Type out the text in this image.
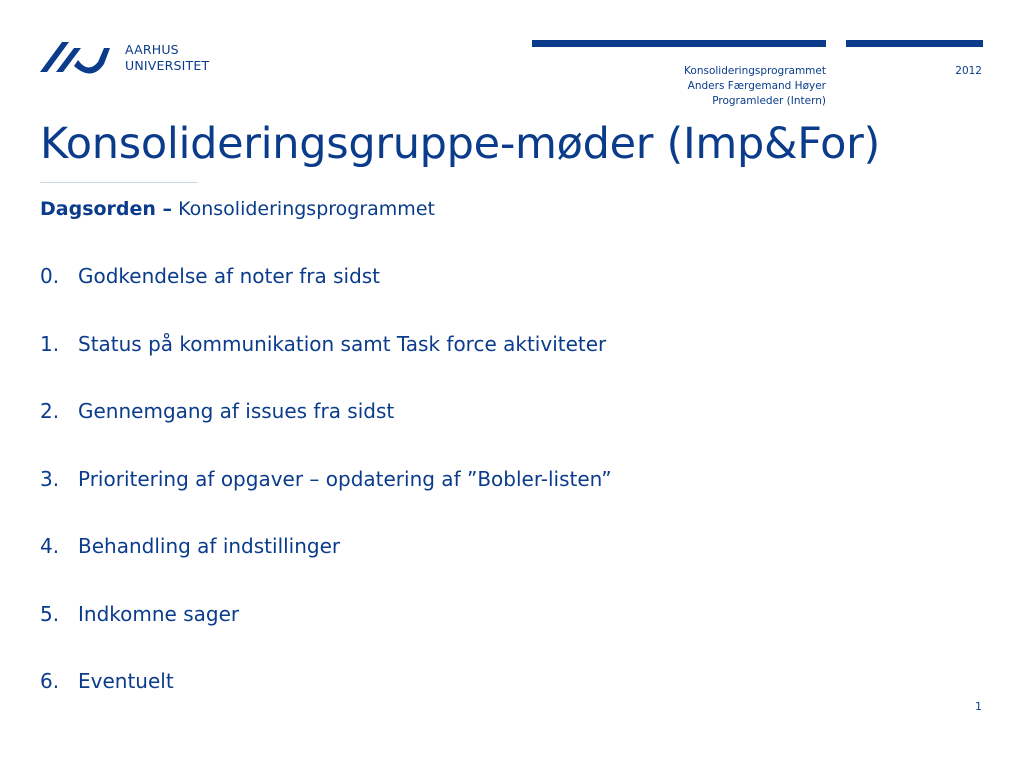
AARHUS
UNIVERSITET	Konsolideringsprogrammet
Anders Færgemand Høyer
Programleder (Intern)
2012
Konsolideringsgruppe-møder (Imp&For)
Dagsorden – Konsolideringsprogrammet
0. Godkendelse af noter fra sidst
1. Status på kommunikation samt Task force aktiviteter
2. Gennemgang af issues fra sidst
3. Prioritering af opgaver – opdatering af ”Bobler-listen”
4. Behandling af indstillinger
5. Indkomne sager
6. Eventuelt
1
